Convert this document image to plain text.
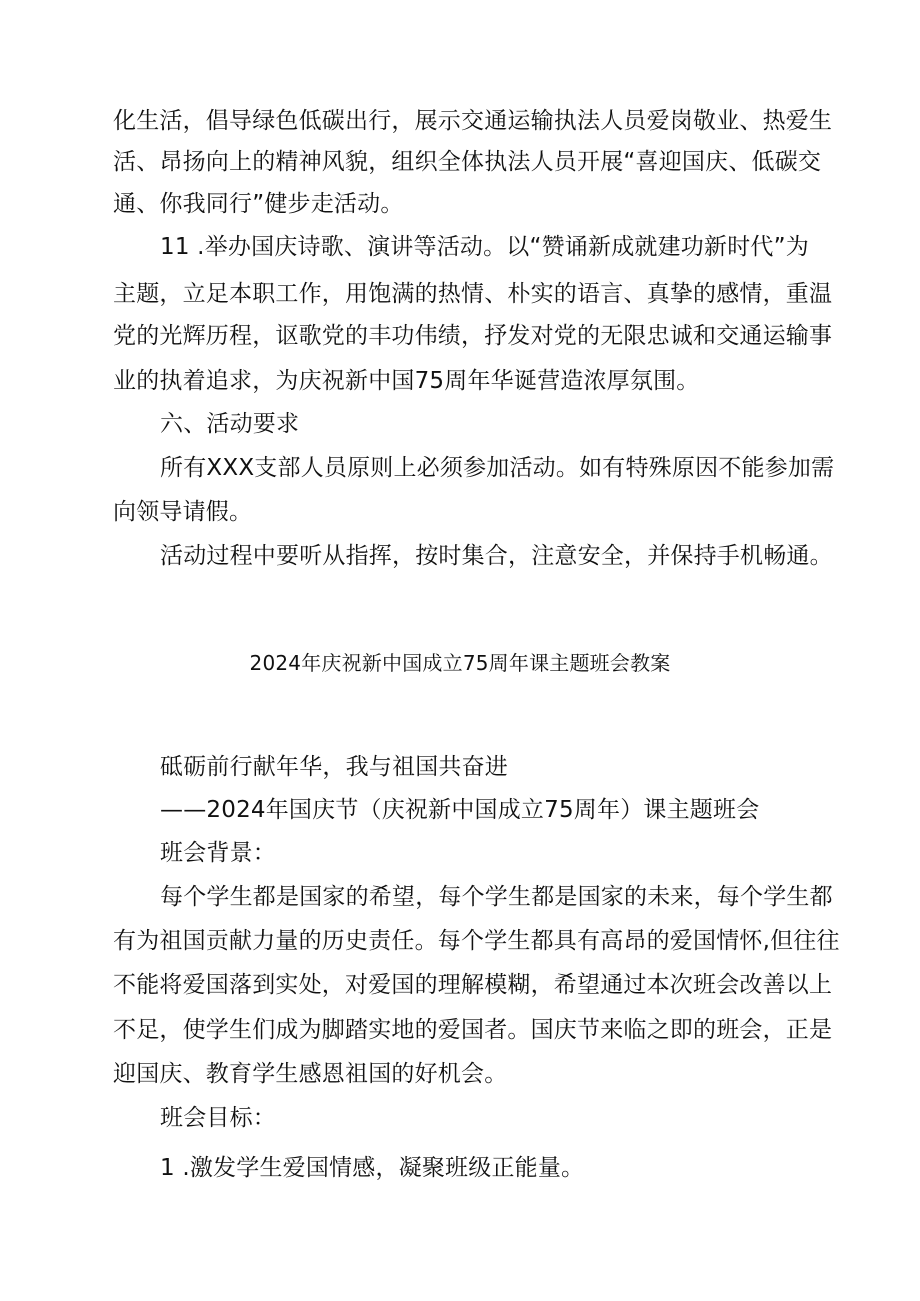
化生活，倡导绿色低碳出行，展示交通运输执法人员爱岗敬业、热爱生
活、昂扬向上的精神风貌，组织全体执法人员开展“喜迎国庆、低碳交
通、你我同行”健步走活动。
11 .举办国庆诗歌、演讲等活动。以“赞诵新成就建功新时代”为
主题，立足本职工作，用饱满的热情、朴实的语言、真挚的感情，重温
党的光辉历程，讴歌党的丰功伟绩，抒发对党的无限忠诚和交通运输事
业的执着追求，为庆祝新中国75周年华诞营造浓厚氛围。
六、活动要求
所有XXX支部人员原则上必须参加活动。如有特殊原因不能参加需
向领导请假。
活动过程中要听从指挥，按时集合，注意安全，并保持手机畅通。
2024年庆祝新中国成立75周年课主题班会教案
砥砺前行献年华，我与祖国共奋进
——2024年国庆节（庆祝新中国成立75周年）课主题班会
班会背景：
每个学生都是国家的希望，每个学生都是国家的未来，每个学生都
有为祖国贡献力量的历史责任。每个学生都具有高昂的爱国情怀,但往往
不能将爱国落到实处，对爱国的理解模糊，希望通过本次班会改善以上
不足，使学生们成为脚踏实地的爱国者。国庆节来临之即的班会，正是
迎国庆、教育学生感恩祖国的好机会。
班会目标：
1 .激发学生爱国情感，凝聚班级正能量。
